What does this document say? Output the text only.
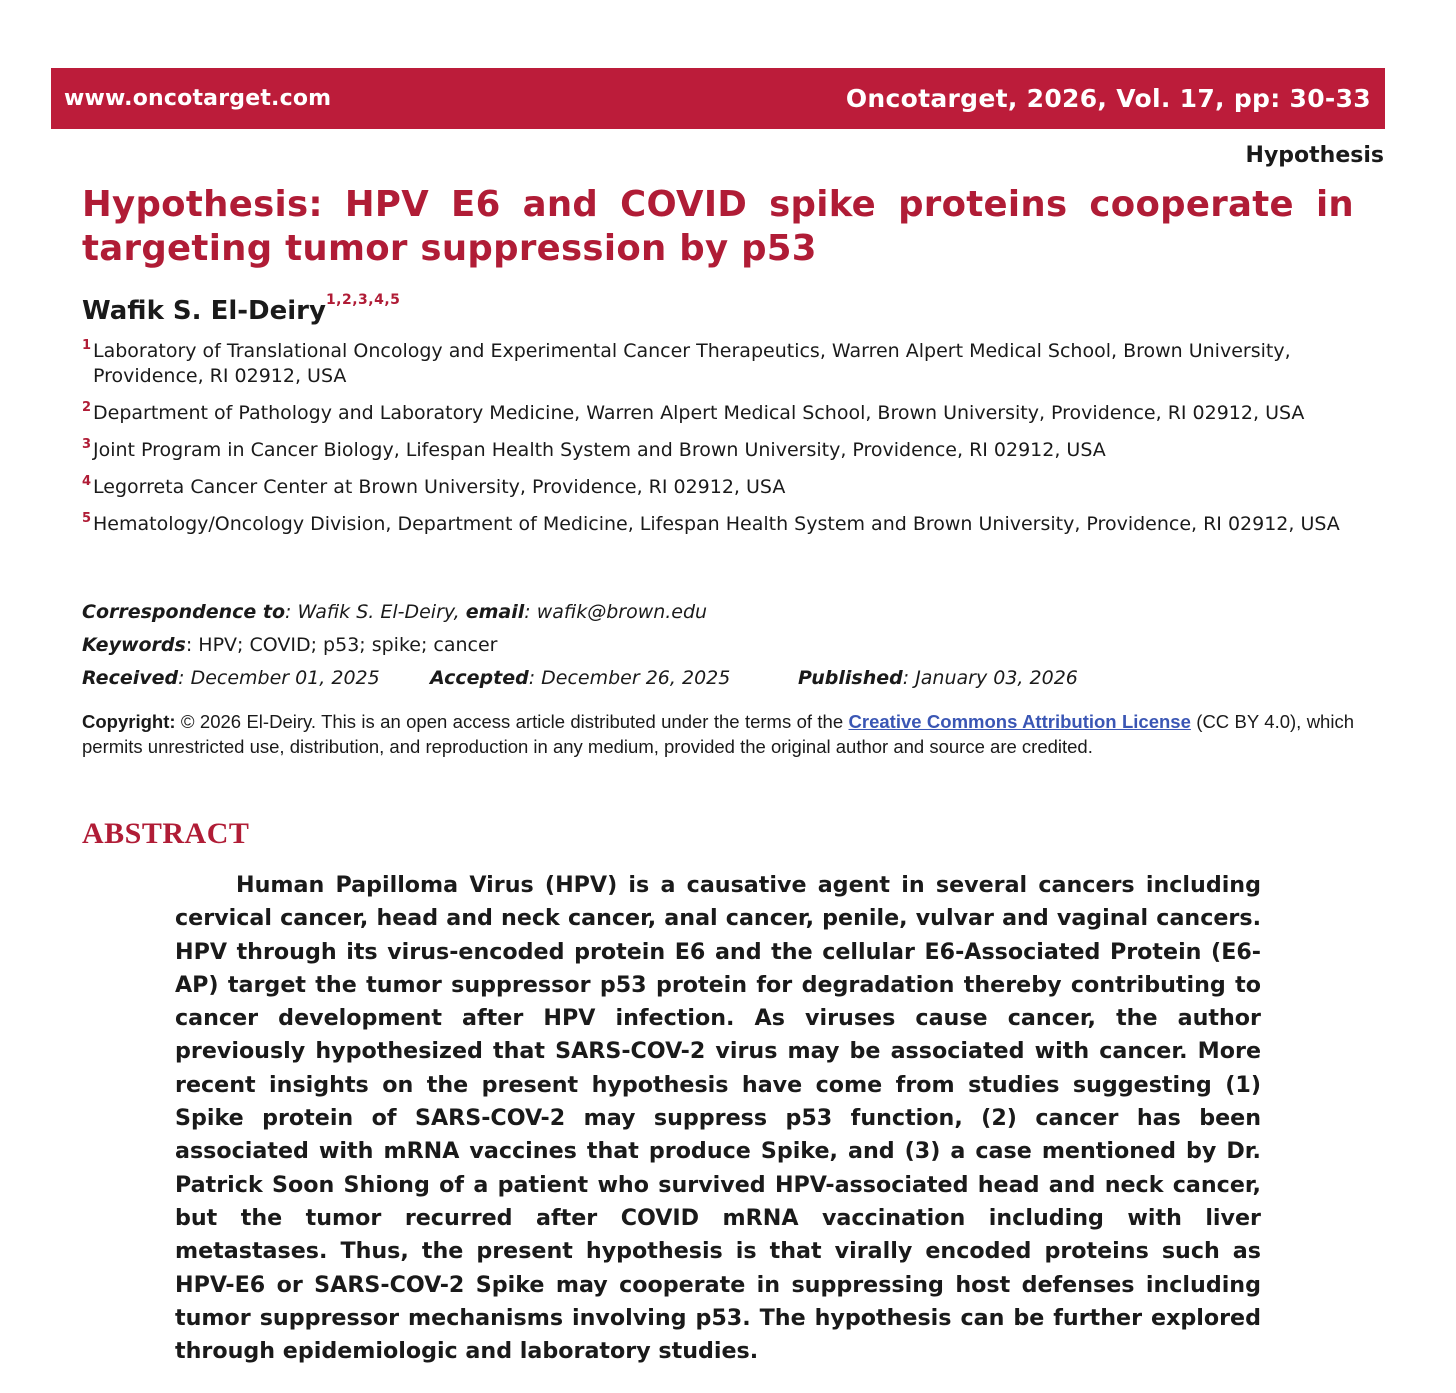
www.oncotarget.com	Oncotarget, 2026, Vol. 17, pp: 30-33
Hypothesis
Hypothesis: HPV E6 and COVID spike proteins cooperate in targeting tumor suppression by p53
Wafik S. El-Deiry$^{1,2,3,4,5}$
1 Laboratory of Translational Oncology and Experimental Cancer Therapeutics, Warren Alpert Medical School, Brown University, Providence, RI 02912, USA
2 Department of Pathology and Laboratory Medicine, Warren Alpert Medical School, Brown University, Providence, RI 02912, USA
3 Joint Program in Cancer Biology, Lifespan Health System and Brown University, Providence, RI 02912, USA
4 Legorreta Cancer Center at Brown University, Providence, RI 02912, USA
5 Hematology/Oncology Division, Department of Medicine, Lifespan Health System and Brown University, Providence, RI 02912, USA
Correspondence to: Wafik S. El-Deiry, email: wafik@brown.edu
Keywords: HPV; COVID; p53; spike; cancer
Received: December 01, 2025	Accepted: December 26, 2025	Published: January 03, 2026

Copyright: © 2026 El-Deiry. This is an open access article distributed under the terms of the Creative Commons Attribution License (CC BY 4.0), which permits unrestricted use, distribution, and reproduction in any medium, provided the original author and source are credited.

ABSTRACT

Human Papilloma Virus (HPV) is a causative agent in several cancers including cervical cancer, head and neck cancer, anal cancer, penile, vulvar and vaginal cancers. HPV through its virus-encoded protein E6 and the cellular E6-Associated Protein (E6-AP) target the tumor suppressor p53 protein for degradation thereby contributing to cancer development after HPV infection. As viruses cause cancer, the author previously hypothesized that SARS-COV-2 virus may be associated with cancer. More recent insights on the present hypothesis have come from studies suggesting (1) Spike protein of SARS-COV-2 may suppress p53 function, (2) cancer has been associated with mRNA vaccines that produce Spike, and (3) a case mentioned by Dr. Patrick Soon Shiong of a patient who survived HPV-associated head and neck cancer, but the tumor recurred after COVID mRNA vaccination including with liver metastases. Thus, the present hypothesis is that virally encoded proteins such as HPV-E6 or SARS-COV-2 Spike may cooperate in suppressing host defenses including tumor suppressor mechanisms involving p53. The hypothesis can be further explored through epidemiologic and laboratory studies.
